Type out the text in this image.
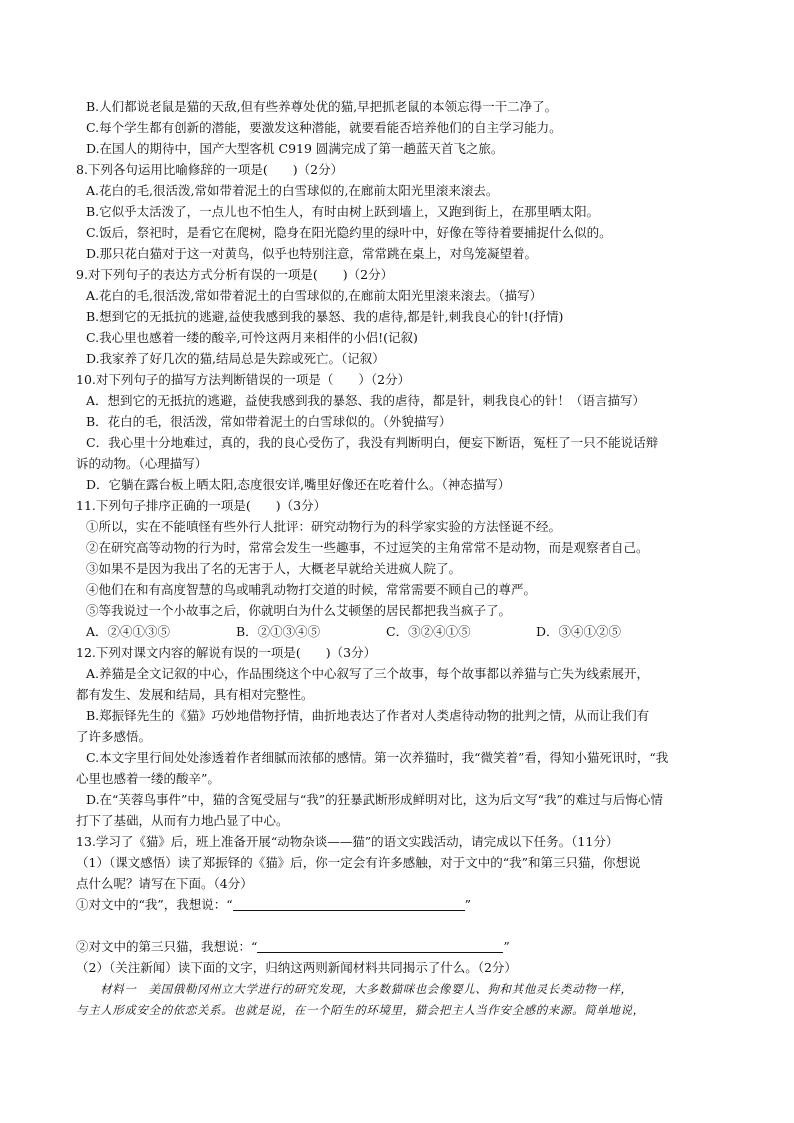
B.人们都说老鼠是猫的天敌,但有些养尊处优的猫,早把抓老鼠的本领忘得一干二净了。
C.每个学生都有创新的潜能，要激发这种潜能，就要看能否培养他们的自主学习能力。
D.在国人的期待中，国产大型客机 C919 圆满完成了第一趟蓝天首飞之旅。
8.下列各句运用比喻修辞的一项是(　　)（2分）
A.花白的毛,很活泼,常如带着泥土的白雪球似的,在廊前太阳光里滚来滚去。
B.它似乎太活泼了，一点儿也不怕生人，有时由树上跃到墙上，又跑到街上，在那里晒太阳。
C.饭后，祭祀时，是看它在爬树，隐身在阳光隐约里的绿叶中，好像在等待着要捕捉什么似的。
D.那只花白猫对于这一对黄鸟，似乎也特别注意，常常跳在桌上，对鸟笼凝望着。
9.对下列句子的表达方式分析有误的一项是(　　)（2分）
A.花白的毛,很活泼,常如带着泥土的白雪球似的,在廊前太阳光里滚来滚去。（描写）
B.想到它的无抵抗的逃避,益使我感到我的暴怒、我的虐待,都是针,刺我良心的针!(抒情)
C.我心里也感着一缕的酸辛,可怜这两月来相伴的小侣!(记叙)
D.我家养了好几次的猫,结局总是失踪或死亡。（记叙）
10.对下列句子的描写方法判断错误的一项是（　　）（2分）
A．想到它的无抵抗的逃避，益使我感到我的暴怒、我的虐待，都是针，刺我良心的针！（语言描写）
B．花白的毛，很活泼，常如带着泥土的白雪球似的。（外貌描写）
C．我心里十分地难过，真的，我的良心受伤了，我没有判断明白，便妄下断语，冤枉了一只不能说话辩
诉的动物。（心理描写）
D．它躺在露台板上晒太阳,态度很安详,嘴里好像还在吃着什么。（神态描写）
11.下列句子排序正确的一项是(　　)（3分）
①所以，实在不能嗔怪有些外行人批评：研究动物行为的科学家实验的方法怪诞不经。
②在研究高等动物的行为时，常常会发生一些趣事，不过逗笑的主角常常不是动物，而是观察者自己。
③如果不是因为我出了名的无害于人，大概老早就给关进疯人院了。
④他们在和有高度智慧的鸟或哺乳动物打交道的时候，常常需要不顾自己的尊严。
⑤等我说过一个小故事之后，你就明白为什么艾顿堡的居民都把我当疯子了。
A．②④①③⑤	B．②①③④⑤	C．③②④①⑤	D．③④①②⑤
12.下列对课文内容的解说有误的一项是(　　)（3分）
A.养猫是全文记叙的中心，作品围绕这个中心叙写了三个故事，每个故事都以养猫与亡失为线索展开，
都有发生、发展和结局，具有相对完整性。
B.郑振铎先生的《猫》巧妙地借物抒情，曲折地表达了作者对人类虐待动物的批判之情，从而让我们有
了许多感悟。
C.本文字里行间处处渗透着作者细腻而浓郁的感情。第一次养猫时，我“微笑着”看，得知小猫死讯时，“我
心里也感着一缕的酸辛”。
D.在“芙蓉鸟事件”中，猫的含冤受屈与“我”的狂暴武断形成鲜明对比，这为后文写“我”的难过与后悔心情
打下了基础，从而有力地凸显了中心。
13.学习了《猫》后，班上准备开展“动物杂谈——猫”的语文实践活动，请完成以下任务。（11分）
（1）（课文感悟）读了郑振铎的《猫》后，你一定会有许多感触，对于文中的“我”和第三只猫，你想说
点什么呢？请写在下面。（4分）
①对文中的“我”，我想说：“	”
②对文中的第三只猫，我想说：“	”
（2）（关注新闻）读下面的文字，归纳这两则新闻材料共同揭示了什么。（2分）
　　材料一　美国俄勒冈州立大学进行的研究发现，大多数猫咪也会像婴儿、狗和其他灵长类动物一样，
与主人形成安全的依恋关系。也就是说，在一个陌生的环境里，猫会把主人当作安全感的来源。简单地说，
